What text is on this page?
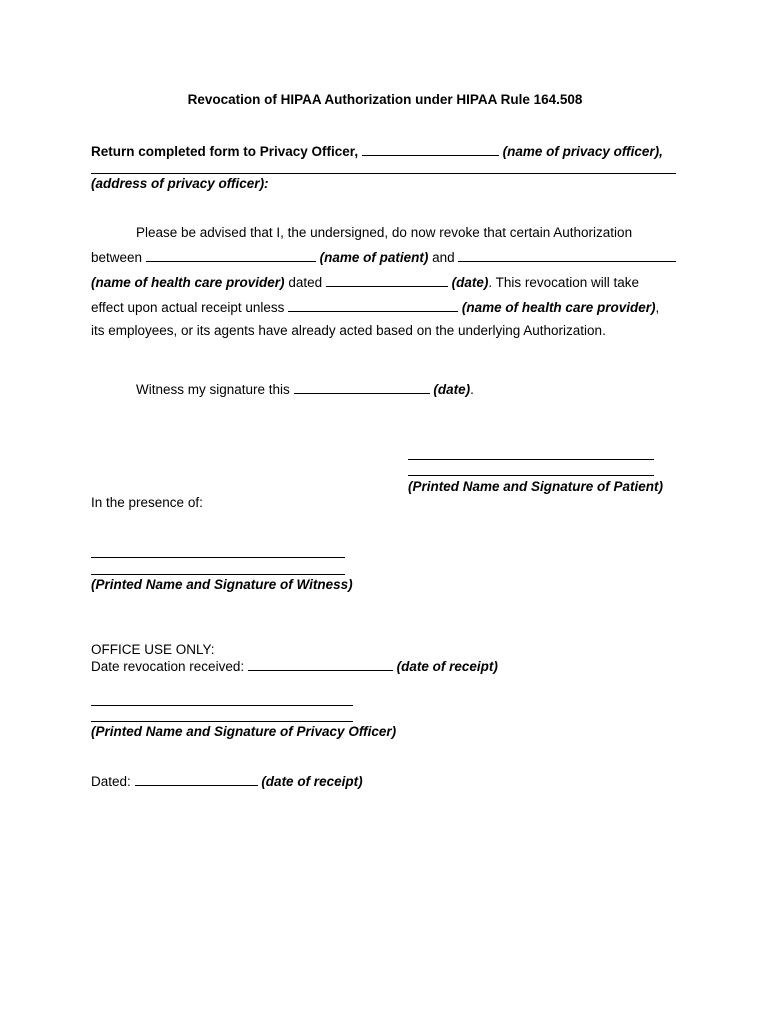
Revocation of HIPAA Authorization under HIPAA Rule 164.508
Return completed form to Privacy Officer,	(name of privacy officer),
(address of privacy officer):
Please be advised that I, the undersigned, do now revoke that certain Authorization
between	(name of patient) and
(name of health care provider) dated	(date). This revocation will take
effect upon actual receipt unless	(name of health care provider),
its employees, or its agents have already acted based on the underlying Authorization.
Witness my signature this	(date).
(Printed Name and Signature of Patient)
In the presence of:
(Printed Name and Signature of Witness)
OFFICE USE ONLY:
Date revocation received:	(date of receipt)
(Printed Name and Signature of Privacy Officer)
Dated:	(date of receipt)
